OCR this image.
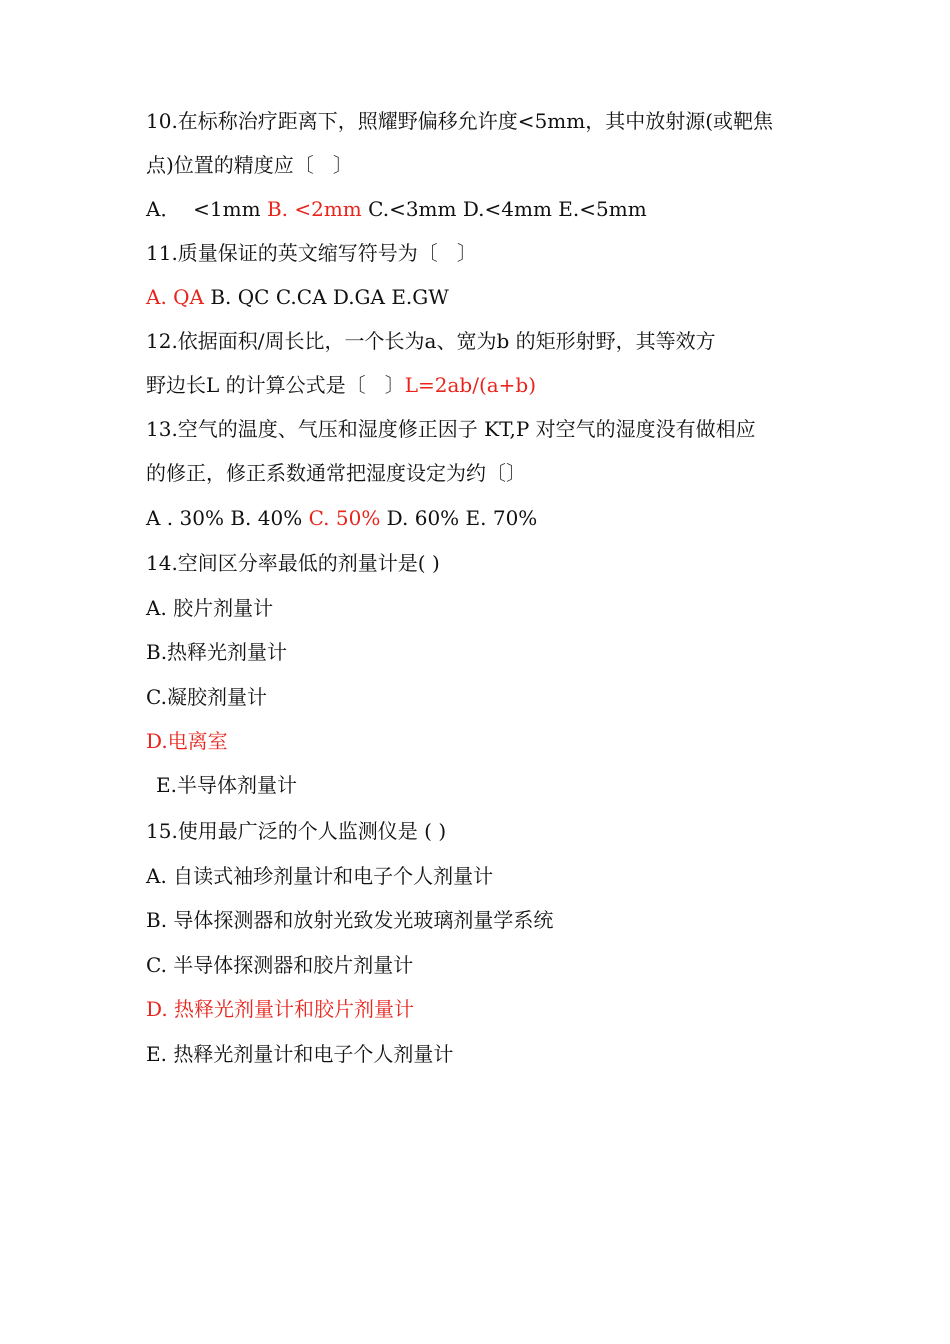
10.在标称治疗距离下，照耀野偏移允许度<5mm，其中放射源(或靶焦
点)位置的精度应〔   〕
A．  <1mm B. <2mm C.<3mm D.<4mm E.<5mm
11.质量保证的英文缩写符号为〔   〕
A. QA B. QC C.CA D.GA E.GW
12.依据面积/周长比，一个长为a、宽为b 的矩形射野，其等效方
野边长L 的计算公式是〔   〕L=2ab/(a+b)
13.空气的温度、气压和湿度修正因子 KT,P 对空气的湿度没有做相应
的修正，修正系数通常把湿度设定为约〔〕
A . 30% B. 40% C. 50% D. 60% E. 70%
14.空间区分率最低的剂量计是( )
A. 胶片剂量计
B.热释光剂量计
C.凝胶剂量计
D.电离室
E.半导体剂量计
15.使用最广泛的个人监测仪是 ( )
A. 自读式袖珍剂量计和电子个人剂量计
B. 导体探测器和放射光致发光玻璃剂量学系统
C. 半导体探测器和胶片剂量计
D. 热释光剂量计和胶片剂量计
E. 热释光剂量计和电子个人剂量计
